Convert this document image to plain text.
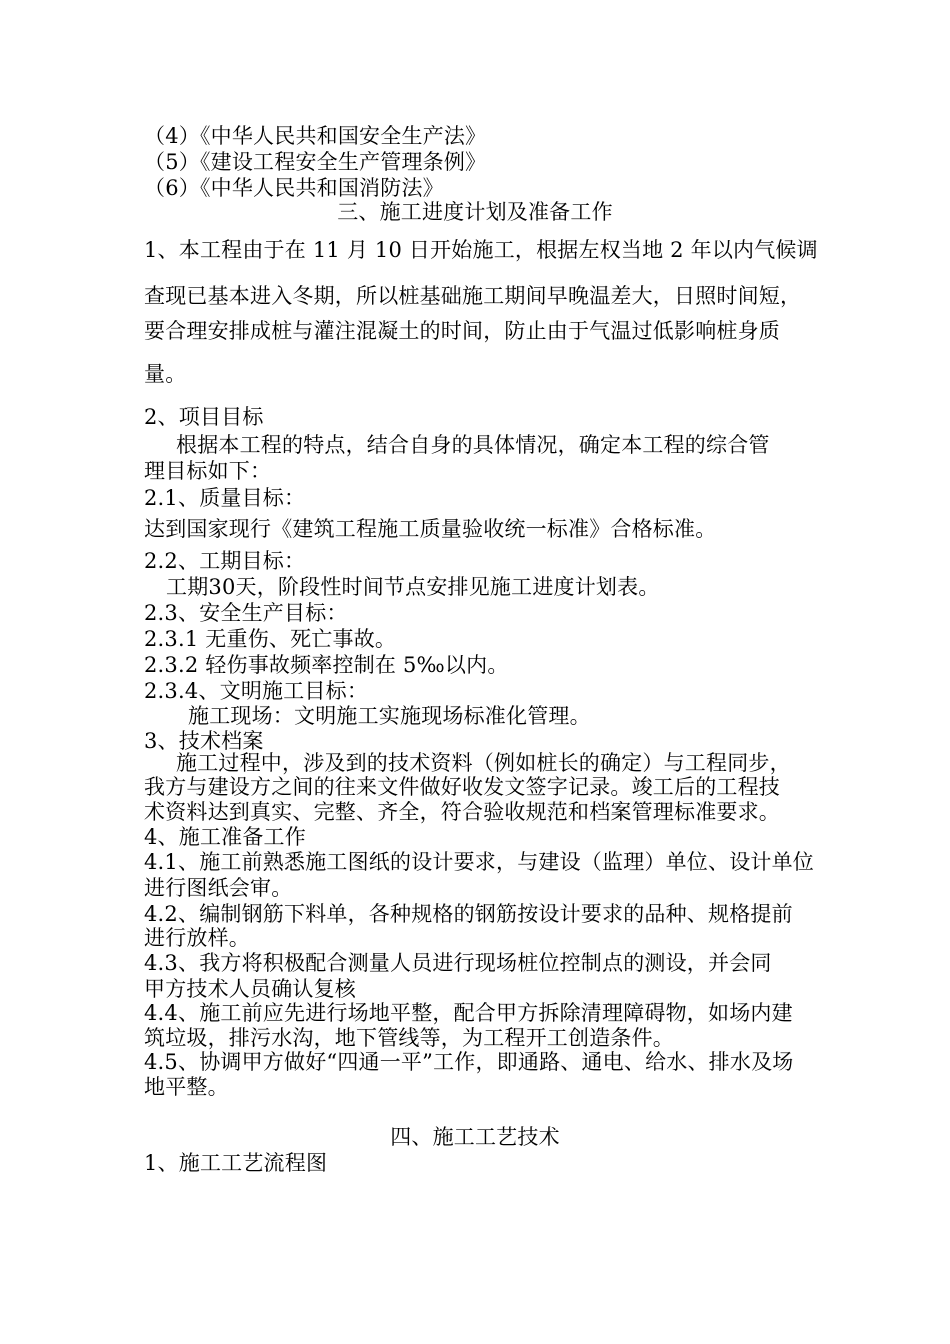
（4）《中华人民共和国安全生产法》
（5）《建设工程安全生产管理条例》
（6）《中华人民共和国消防法》
三、施工进度计划及准备工作
1、本工程由于在 11 月 10 日开始施工，根据左权当地 2 年以内气候调
查现已基本进入冬期，所以桩基础施工期间早晚温差大，日照时间短，
要合理安排成桩与灌注混凝土的时间，防止由于气温过低影响桩身质
量。
2、项目目标
根据本工程的特点，结合自身的具体情况，确定本工程的综合管
理目标如下：
2.1、质量目标：
达到国家现行《建筑工程施工质量验收统一标准》合格标准。
2.2、工期目标：
工期30天，阶段性时间节点安排见施工进度计划表。
2.3、安全生产目标：
2.3.1 无重伤、死亡事故。
2.3.2 轻伤事故频率控制在 5‰以内。
2.3.4、文明施工目标：
施工现场：文明施工实施现场标准化管理。
3、技术档案
施工过程中，涉及到的技术资料（例如桩长的确定）与工程同步，
我方与建设方之间的往来文件做好收发文签字记录。竣工后的工程技
术资料达到真实、完整、齐全，符合验收规范和档案管理标准要求。
4、施工准备工作
4.1、施工前熟悉施工图纸的设计要求，与建设（监理）单位、设计单位
进行图纸会审。
4.2、编制钢筋下料单，各种规格的钢筋按设计要求的品种、规格提前
进行放样。
4.3、我方将积极配合测量人员进行现场桩位控制点的测设，并会同
甲方技术人员确认复核
4.4、施工前应先进行场地平整，配合甲方拆除清理障碍物，如场内建
筑垃圾，排污水沟，地下管线等，为工程开工创造条件。
4.5、协调甲方做好“四通一平”工作，即通路、通电、给水、排水及场
地平整。
四、施工工艺技术
1、施工工艺流程图
